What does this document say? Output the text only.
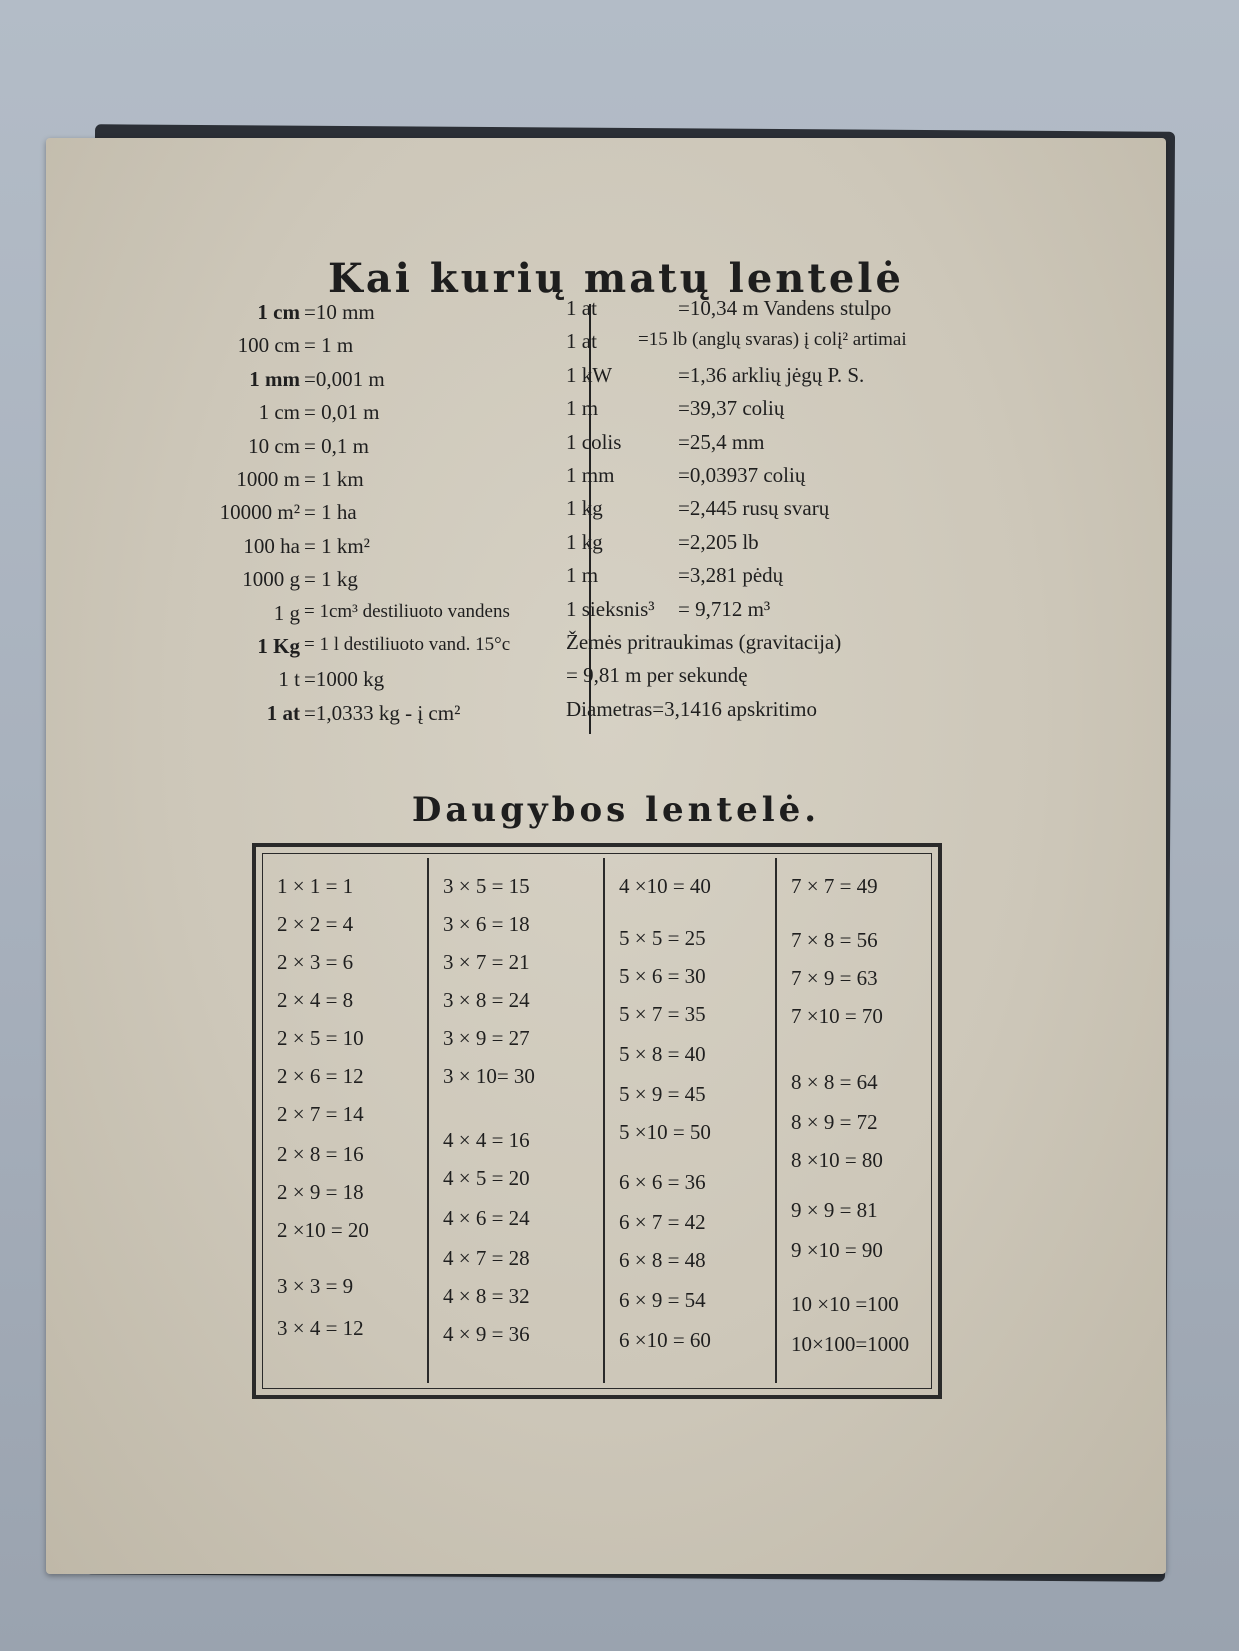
Kai kurių matų lentelė
1 cm =10 mm
100 cm = 1 m
1 mm =0,001 m
1 cm = 0,01 m
10 cm = 0,1 m
1000 m = 1 km
10000 m² = 1 ha
100 ha = 1 km²
1000 g = 1 kg
1 g = 1cm³ destiliuoto vandens
1 Kg = 1 l destiliuoto vand. 15°c
1 t =1000 kg
1 at =1,0333 kg - į cm²
1 at	=10,34 m Vandens stulpo
1 at =15 lb (anglų svaras) į colį² artimai
1 kW	=1,36 arklių jėgų P. S.
1 m	=39,37 colių
1 colis	=25,4 mm
1 mm	=0,03937 colių
1 kg	=2,445 rusų svarų
1 kg	=2,205 lb
1 m	=3,281 pėdų
1 sieksnis³ = 9,712 m³
Žemės pritraukimas (gravitacija)
= 9,81 m per sekundę
Diametras=3,1416 apskritimo
Daugybos lentelė.
1 × 1 = 1
2 × 2 = 4
2 × 3 = 6
2 × 4 = 8
2 × 5 = 10
2 × 6 = 12
2 × 7 = 14
2 × 8 = 16
2 × 9 = 18
2 ×10 = 20
3 × 3 = 9
3 × 4 = 12
3 × 5 = 15
3 × 6 = 18
3 × 7 = 21
3 × 8 = 24
3 × 9 = 27
3 × 10= 30
4 × 4 = 16
4 × 5 = 20
4 × 6 = 24
4 × 7 = 28
4 × 8 = 32
4 × 9 = 36
4 ×10 = 40
5 × 5 = 25
5 × 6 = 30
5 × 7 = 35
5 × 8 = 40
5 × 9 = 45
5 ×10 = 50
6 × 6 = 36
6 × 7 = 42
6 × 8 = 48
6 × 9 = 54
6 ×10 = 60
7 × 7 = 49
7 × 8 = 56
7 × 9 = 63
7 ×10 = 70
8 × 8 = 64
8 × 9 = 72
8 ×10 = 80
9 × 9 = 81
9 ×10 = 90
10 ×10 =100
10×100=1000
